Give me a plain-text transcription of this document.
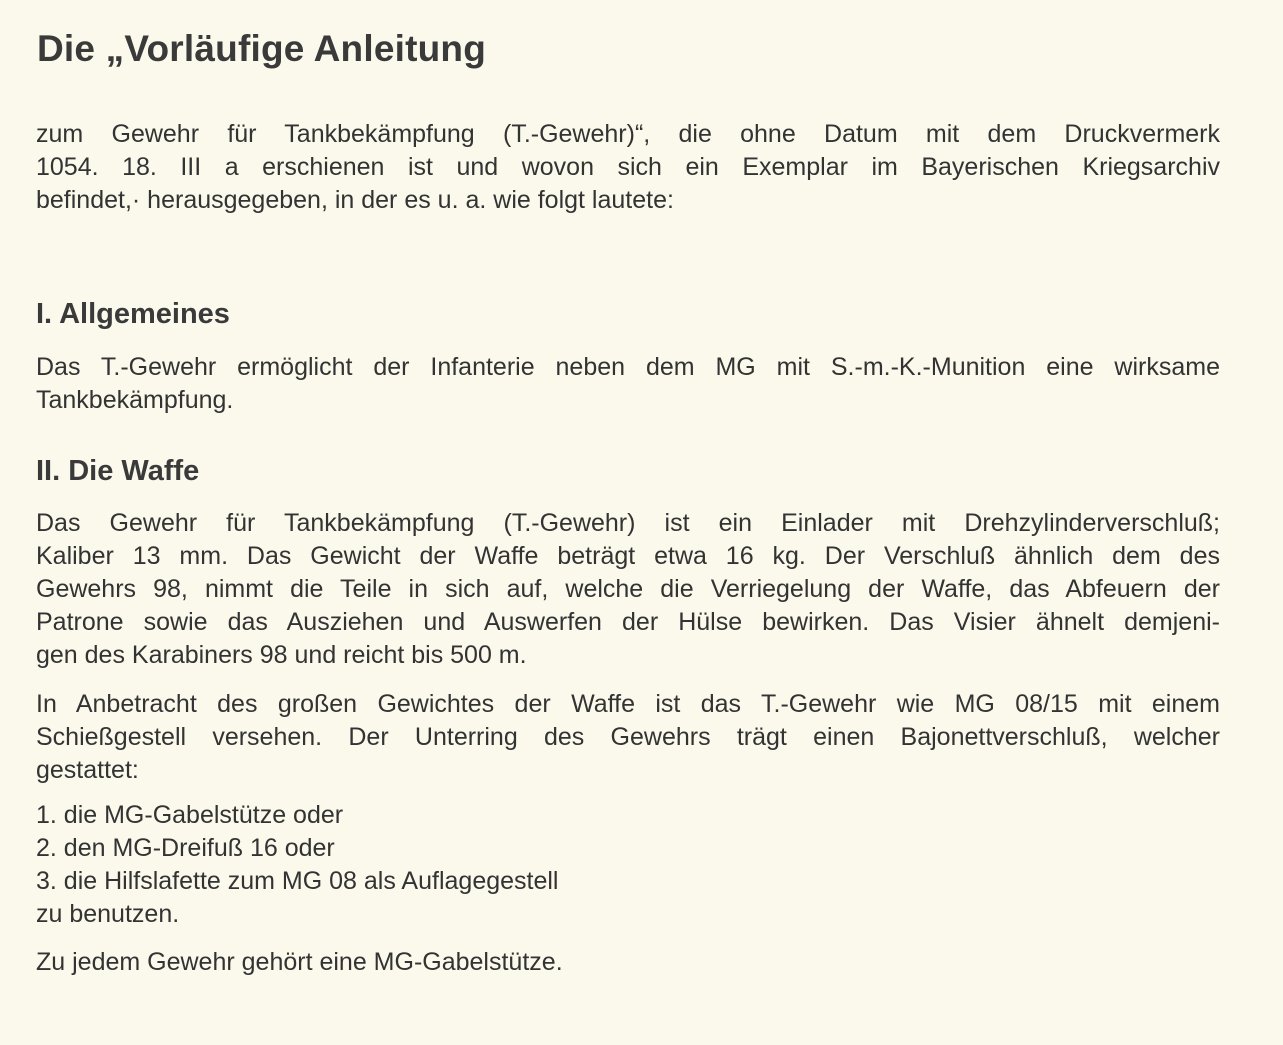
Die „Vorläufige Anleitung

zum Gewehr für Tankbekämpfung (T.-Gewehr)“, die ohne Datum mit dem Druckvermerk
1054. 18. III a erschienen ist und wovon sich ein Exemplar im Bayerischen Kriegsarchiv
befindet,· herausgegeben, in der es u. a. wie folgt lautete:

I. Allgemeines

Das T.-Gewehr ermöglicht der Infanterie neben dem MG mit S.-m.-K.-Munition eine wirksame
Tankbekämpfung.

II. Die Waffe

Das Gewehr für Tankbekämpfung (T.-Gewehr) ist ein Einlader mit Drehzylinderverschluß;
Kaliber 13 mm. Das Gewicht der Waffe beträgt etwa 16 kg. Der Verschluß ähnlich dem des
Gewehrs 98, nimmt die Teile in sich auf, welche die Verriegelung der Waffe, das Abfeuern der
Patrone sowie das Ausziehen und Auswerfen der Hülse bewirken. Das Visier ähnelt demjeni-
gen des Karabiners 98 und reicht bis 500 m.

In Anbetracht des großen Gewichtes der Waffe ist das T.-Gewehr wie MG 08/15 mit einem
Schießgestell versehen. Der Unterring des Gewehrs trägt einen Bajonettverschluß, welcher
gestattet:

1. die MG-Gabelstütze oder
2. den MG-Dreifuß 16 oder
3. die Hilfslafette zum MG 08 als Auflagegestell
zu benutzen.

Zu jedem Gewehr gehört eine MG-Gabelstütze.
